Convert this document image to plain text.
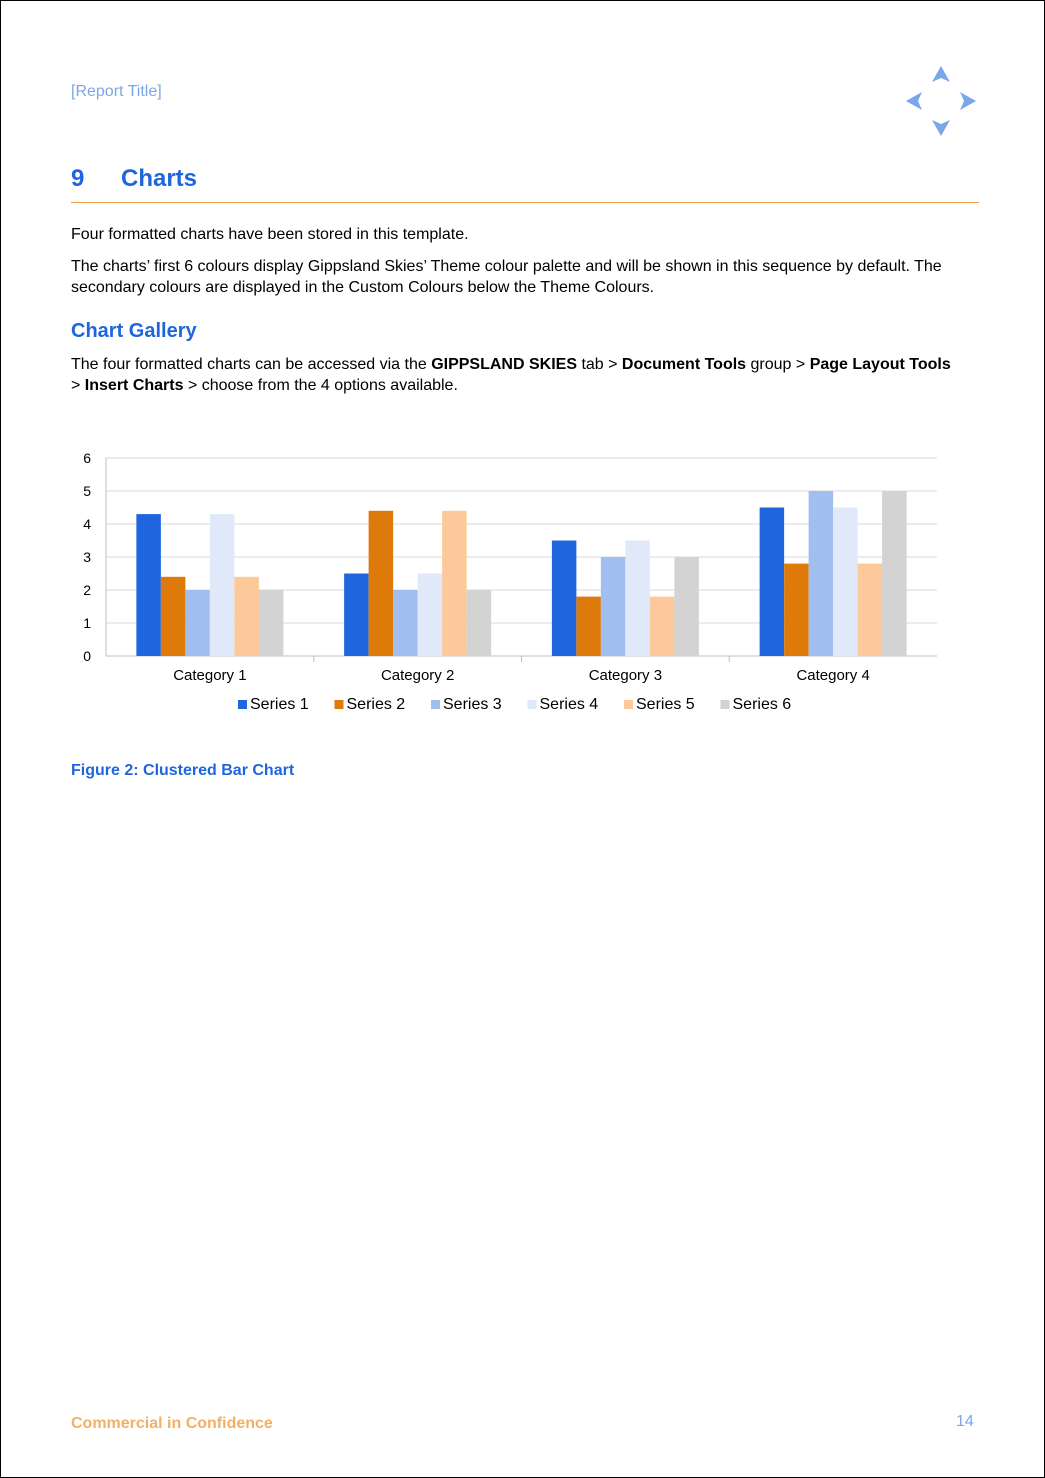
[Report Title]
9 Charts
Four formatted charts have been stored in this template.
The charts’ first 6 colours display Gippsland Skies’ Theme colour palette and will be shown in this sequence by default. The secondary colours are displayed in the Custom Colours below the Theme Colours.
Chart Gallery
The four formatted charts can be accessed via the GIPPSLAND SKIES tab > Document Tools group > Page Layout Tools > Insert Charts > choose from the 4 options available.
0
1
2
3
4
5
6
Category 1	Category 2	Category 3	Category 4
Series 1 Series 2 Series 3 Series 4 Series 5 Series 6
Figure 2: Clustered Bar Chart
Commercial in Confidence	14
